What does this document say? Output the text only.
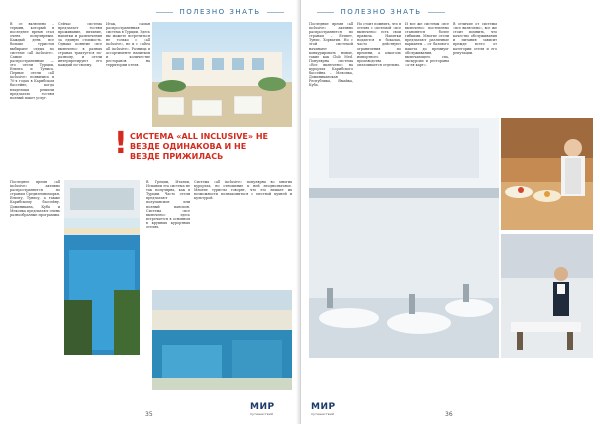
ПОЛЕЗНО ЗНАТЬ
В се включено – термин, который в последнее время стал очень популярным. Каждый день все больше туристов выбирают отдых по системе «all inclusive». Самые распространенные — это отели Турции, Египта и Тунисa. Первые отели «all inclusive» появились в 70-х годах в Карибском бассейне, когда владельцы решили предлагать гостям полный пакет услуг.
Сейчас система предлагает гостям проживание, питание, напитки и развлечения за единую стоимость. Однако понятие «все включено» в разных странах трактуется по-разному, и отели интерпретируют его каждый по-своему.
Итак, самая распространенная система в Турции. Здесь вы можете встретиться не только с «all inclusive», но и с «ultra all inclusive». Разница в ассортименте напитков и количестве ресторанов на территории отеля.
! СИСТЕМА «ALL INCLUSIVE» НЕ ВЕЗДЕ ОДИНАКОВА И НЕ ВЕЗДЕ ПРИЖИЛАСЬ
Последнее время «all inclusive» активно распространяется по странам Средиземноморья, Египту, Тунису, а также Карибскому бассейну. Доминикана, Куба и Мексика предлагают очень разнообразные программы.
В Греции, Италии, Испании эта система не так популярна, как в Турции. Часто отели предлагают полупансион или полный пансион. Система «все включено» здесь встречается в основном в крупных курортных отелях.
Система «all inclusive» популярна во многих курортах, но отношение к ней неоднозначное. Многие туристы говорят, что это лишает их возможности познакомиться с местной кухней и культурой.
35
МИР
путешествий
ПОЛЕЗНО ЗНАТЬ
Последние время «all inclusive» активно распространяется по странам – Египет, Тунис, Хорватия. Но с этой системой начинают конкурировать новые, такие как Club Med. Популярна система «Все включено» на курортах Карибского бассейна – Мексика, Доминиканская Республика, Ямайка, Куба.
Но стоит помнить, что в отелях с системой «все включено» есть свои правила. Напитки подаются в бокалах, часто действуют ограничения по времени, а алкоголь импортного производства оплачивается отдельно.
И все же системы «все включено» постепенно становятся более гибкими. Многие отели предлагают различные варианты – от базового пакета до премиум-обслуживания, включающего спа, экскурсии и рестораны «а-ля карт».
В отличие от системы «все включено», все же стоит помнить, что качество обслуживания и питания зависит прежде всего от категории отеля и его репутации.
36
МИР
путешествий
